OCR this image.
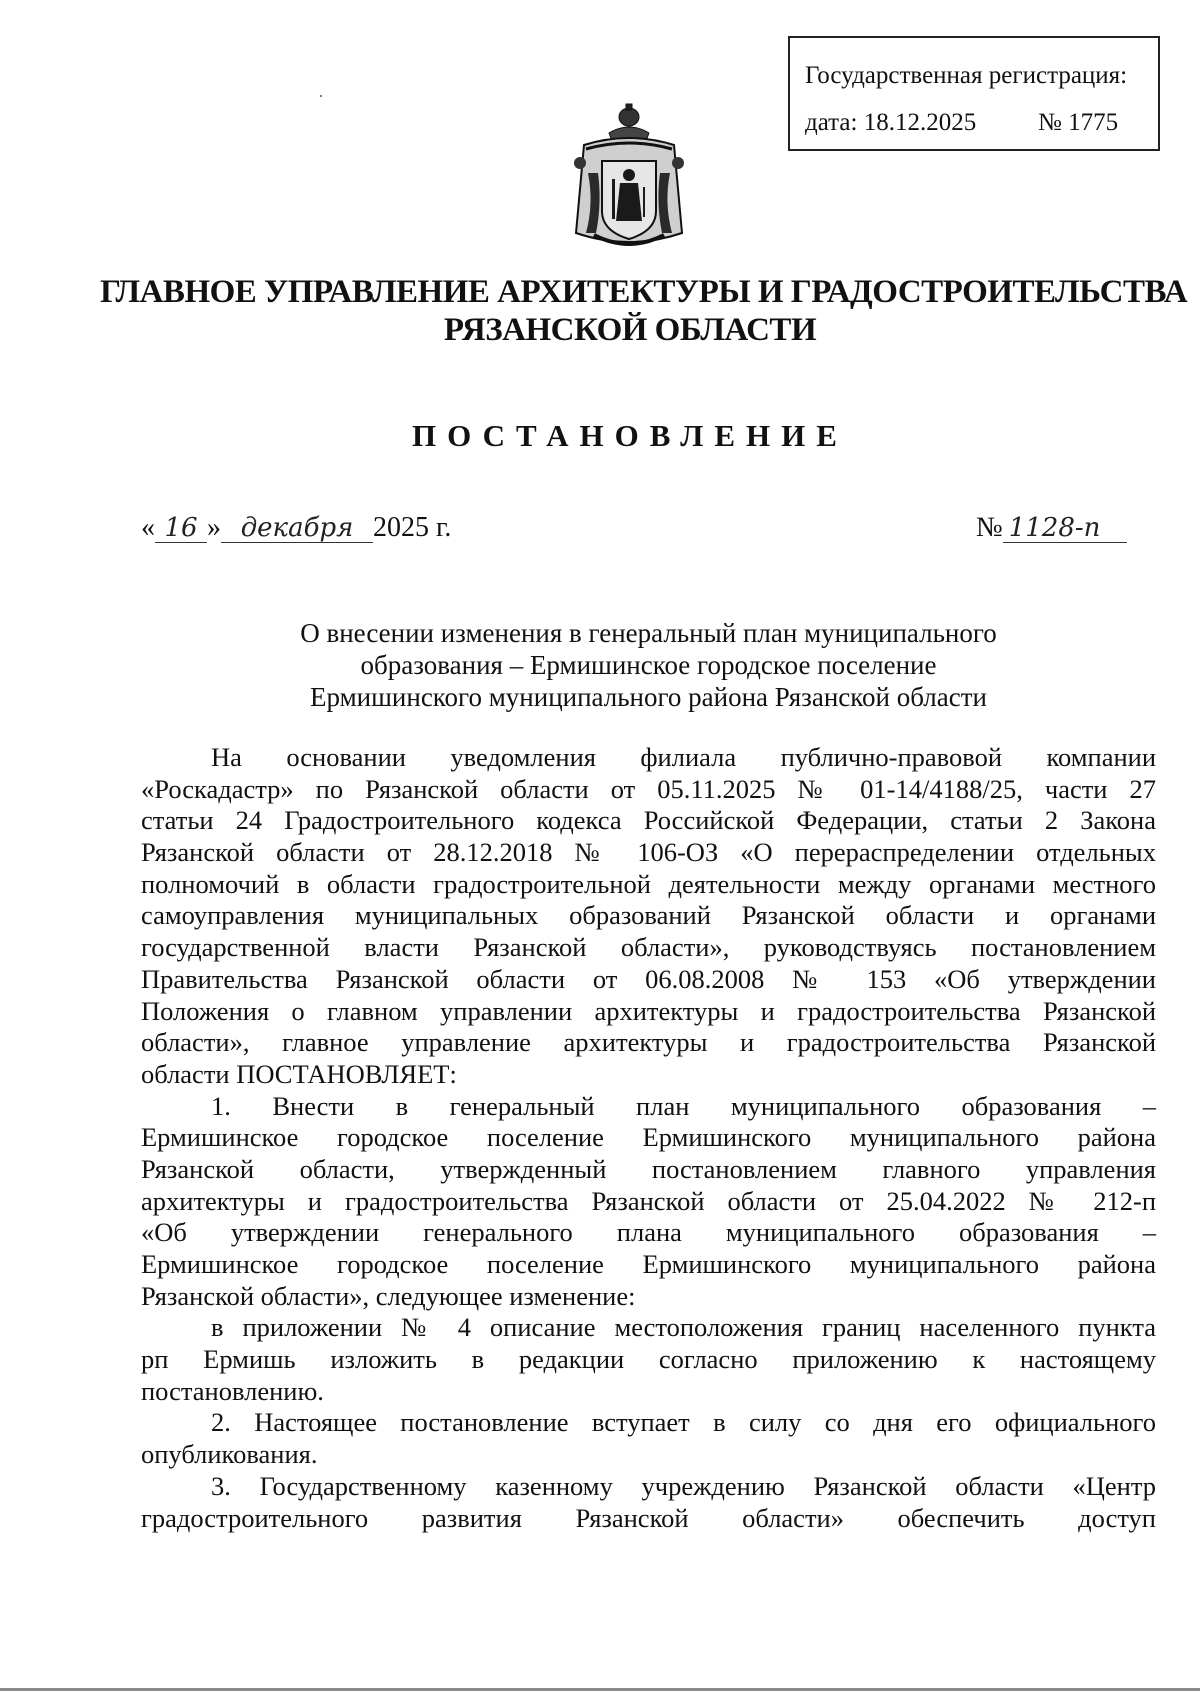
Государственная регистрация:
дата: 18.12.2025 № 1775
ГЛАВНОЕ УПРАВЛЕНИЕ АРХИТЕКТУРЫ И ГРАДОСТРОИТЕЛЬСТВА
РЯЗАНСКОЙ ОБЛАСТИ
ПОСТАНОВЛЕНИЕ
« 16 » декабря 2025 г.	№ 1128-п
О внесении изменения в генеральный план муниципального
образования – Ермишинское городское поселение
Ермишинского муниципального района Рязанской области
На основании уведомления филиала публично-правовой компании
«Роскадастр» по Рязанской области от 05.11.2025 № 01-14/4188/25, части 27
статьи 24 Градостроительного кодекса Российской Федерации, статьи 2 Закона
Рязанской области от 28.12.2018 № 106-ОЗ «О перераспределении отдельных
полномочий в области градостроительной деятельности между органами местного
самоуправления муниципальных образований Рязанской области и органами
государственной власти Рязанской области», руководствуясь постановлением
Правительства Рязанской области от 06.08.2008 № 153 «Об утверждении
Положения о главном управлении архитектуры и градостроительства Рязанской
области», главное управление архитектуры и градостроительства Рязанской
области ПОСТАНОВЛЯЕТ:
1. Внести в генеральный план муниципального образования –
Ермишинское городское поселение Ермишинского муниципального района
Рязанской области, утвержденный постановлением главного управления
архитектуры и градостроительства Рязанской области от 25.04.2022 № 212-п
«Об утверждении генерального плана муниципального образования –
Ермишинское городское поселение Ермишинского муниципального района
Рязанской области», следующее изменение:
в приложении № 4 описание местоположения границ населенного пункта
рп Ермишь изложить в редакции согласно приложению к настоящему
постановлению.
2. Настоящее постановление вступает в силу со дня его официального
опубликования.
3. Государственному казенному учреждению Рязанской области «Центр
градостроительного развития Рязанской области» обеспечить доступ
